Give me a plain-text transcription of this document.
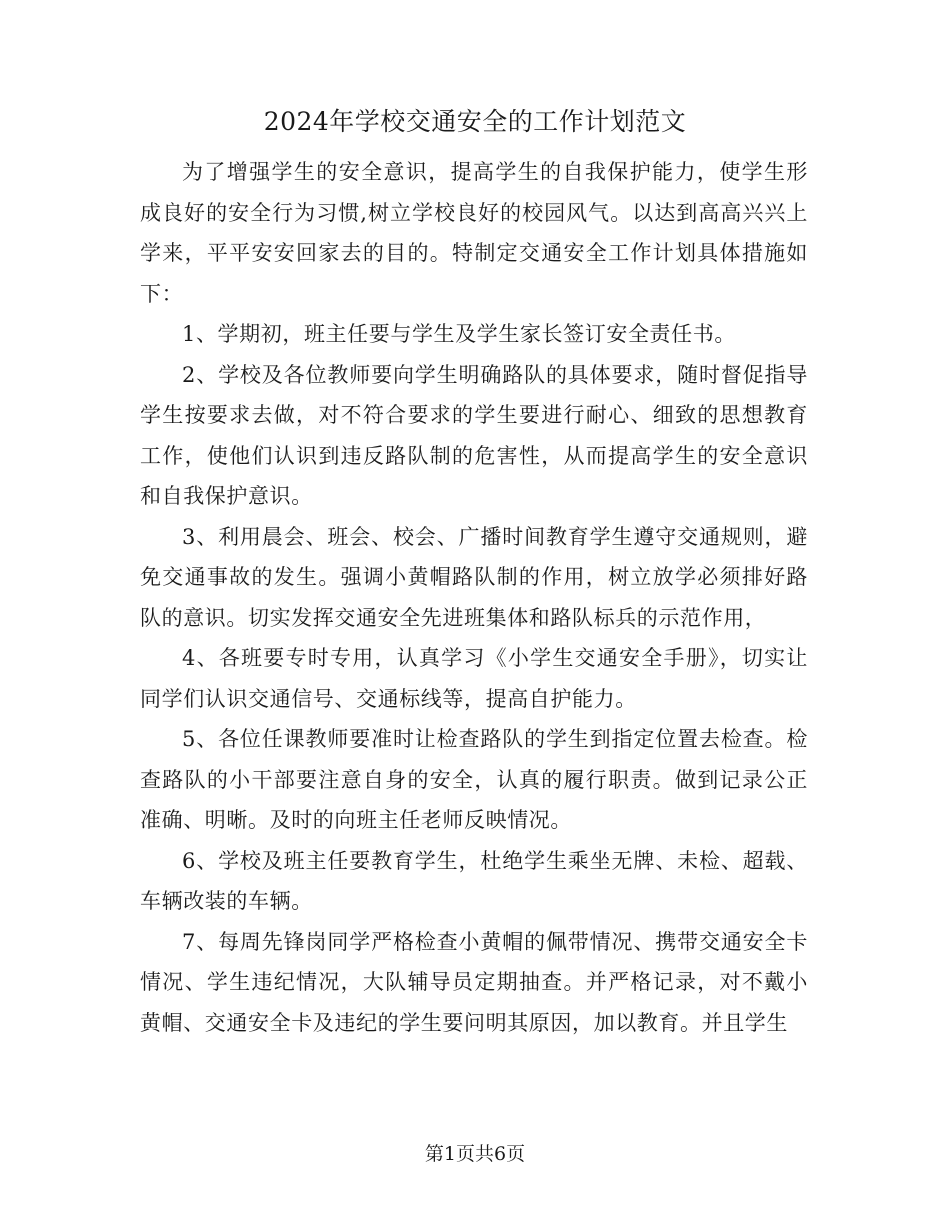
2024年学校交通安全的工作计划范文

为了增强学生的安全意识，提高学生的自我保护能力，使学生形成良好的安全行为习惯,树立学校良好的校园风气。以达到高高兴兴上学来，平平安安回家去的目的。特制定交通安全工作计划具体措施如下：

1、学期初，班主任要与学生及学生家长签订安全责任书。

2、学校及各位教师要向学生明确路队的具体要求，随时督促指导学生按要求去做，对不符合要求的学生要进行耐心、细致的思想教育工作，使他们认识到违反路队制的危害性，从而提高学生的安全意识和自我保护意识。

3、利用晨会、班会、校会、广播时间教育学生遵守交通规则，避免交通事故的发生。强调小黄帽路队制的作用，树立放学必须排好路队的意识。切实发挥交通安全先进班集体和路队标兵的示范作用，

4、各班要专时专用，认真学习《小学生交通安全手册》，切实让同学们认识交通信号、交通标线等，提高自护能力。

5、各位任课教师要准时让检查路队的学生到指定位置去检查。检查路队的小干部要注意自身的安全，认真的履行职责。做到记录公正准确、明晰。及时的向班主任老师反映情况。

6、学校及班主任要教育学生，杜绝学生乘坐无牌、未检、超载、车辆改装的车辆。

7、每周先锋岗同学严格检查小黄帽的佩带情况、携带交通安全卡情况、学生违纪情况，大队辅导员定期抽查。并严格记录，对不戴小黄帽、交通安全卡及违纪的学生要问明其原因，加以教育。并且学生

第1页共6页
